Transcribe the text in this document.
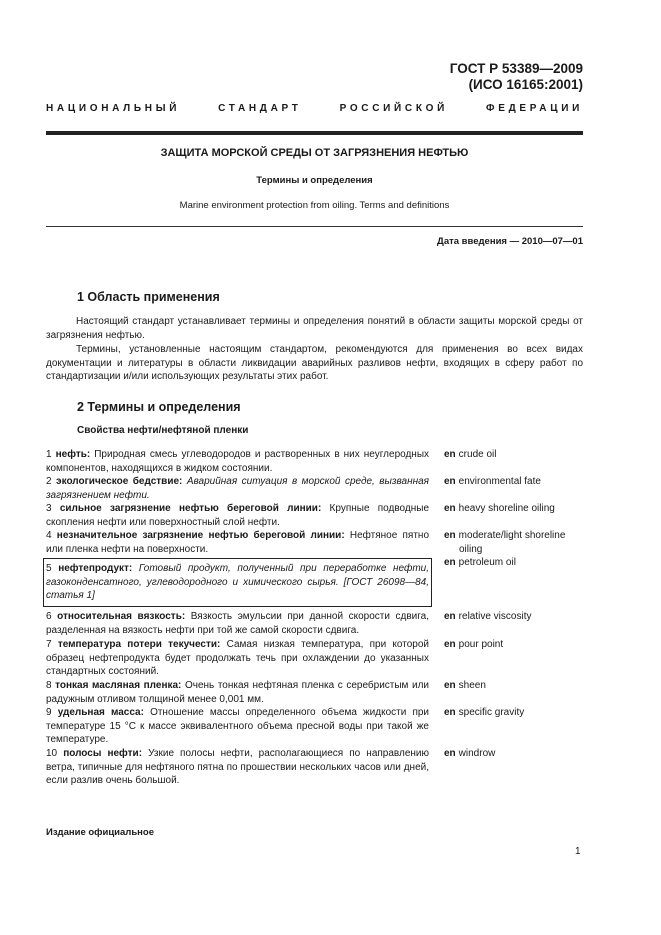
ГОСТ Р 53389—2009
(ИСО 16165:2001)
НАЦИОНАЛЬНЫЙ СТАНДАРТ РОССИЙСКОЙ ФЕДЕРАЦИИ
ЗАЩИТА МОРСКОЙ СРЕДЫ ОТ ЗАГРЯЗНЕНИЯ НЕФТЬЮ
Термины и определения
Marine environment protection from oiling. Terms and definitions
Дата введения — 2010—07—01
1 Область применения
Настоящий стандарт устанавливает термины и определения понятий в области защиты морской среды от загрязнения нефтью.
Термины, установленные настоящим стандартом, рекомендуются для применения во всех видах документации и литературы в области ликвидации аварийных разливов нефти, входящих в сферу работ по стандартизации и/или использующих результаты этих работ.
2 Термины и определения
Свойства нефти/нефтяной пленки
1 нефть: Природная смесь углеводородов и растворенных в них неуглеродных компонентов, находящихся в жидком состоянии.
en crude oil
2 экологическое бедствие: Аварийная ситуация в морской среде, вызванная загрязнением нефти.
en environmental fate
3 сильное загрязнение нефтью береговой линии: Крупные подводные скопления нефти или поверхностный слой нефти.
en heavy shoreline oiling
4 незначительное загрязнение нефтью береговой линии: Нефтяное пятно или пленка нефти на поверхности.
en moderate/light shoreline
oiling
5 нефтепродукт: Готовый продукт, полученный при переработке нефти, газоконденсатного, углеводородного и химического сырья. [ГОСТ 26098—84, статья 1]
en petroleum oil
6 относительная вязкость: Вязкость эмульсии при данной скорости сдвига, разделенная на вязкость нефти при той же самой скорости сдвига.
en relative viscosity
7 температура потери текучести: Самая низкая температура, при которой образец нефтепродукта будет продолжать течь при охлаждении до указанных стандартных состояний.
en pour point
8 тонкая масляная пленка: Очень тонкая нефтяная пленка с серебристым или радужным отливом толщиной менее 0,001 мм.
en sheen
9 удельная масса: Отношение массы определенного объема жидкости при температуре 15 °C к массе эквивалентного объема пресной воды при такой же температуре.
en specific gravity
10 полосы нефти: Узкие полосы нефти, располагающиеся по направлению ветра, типичные для нефтяного пятна по прошествии нескольких часов или дней, если разлив очень большой.
en windrow
Издание официальное
1
